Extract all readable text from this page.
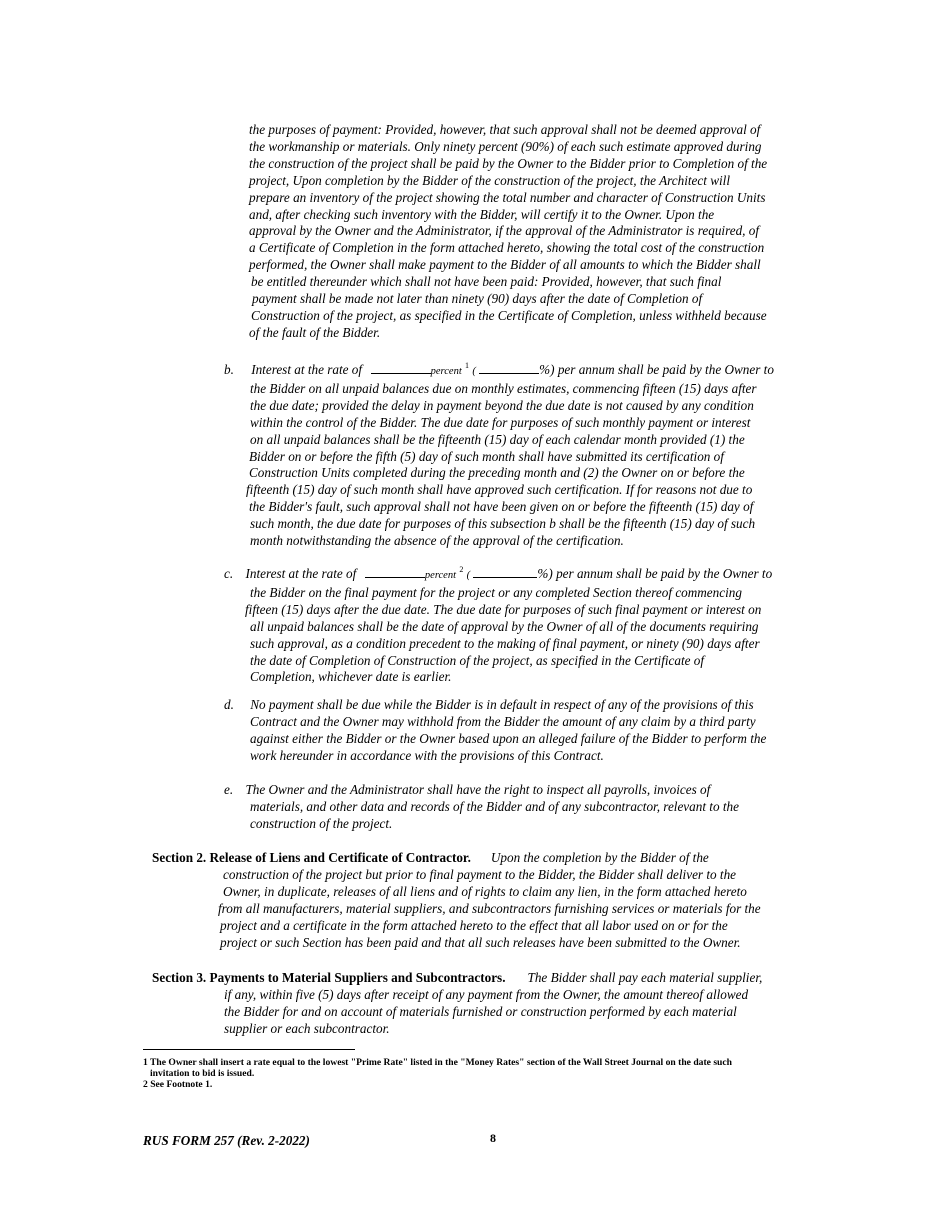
the purposes of payment: Provided, however, that such approval shall not be deemed approval of
the workmanship or materials. Only ninety percent (90%) of each such estimate approved during
the construction of the project shall be paid by the Owner to the Bidder prior to Completion of the
project, Upon completion by the Bidder of the construction of the project, the Architect will
prepare an inventory of the project showing the total number and character of Construction Units
and, after checking such inventory with the Bidder, will certify it to the Owner. Upon the
approval by the Owner and the Administrator, if the approval of the Administrator is required, of
a Certificate of Completion in the form attached hereto, showing the total cost of the construction
performed, the Owner shall make payment to the Bidder of all amounts to which the Bidder shall
be entitled thereunder which shall not have been paid: Provided, however, that such final
payment shall be made not later than ninety (90) days after the date of Completion of
Construction of the project, as specified in the Certificate of Completion, unless withheld because
of the fault of the Bidder.
b. Interest at the rate of	percent $^1$ (	%) per annum shall be paid by the Owner to
the Bidder on all unpaid balances due on monthly estimates, commencing fifteen (15) days after
the due date; provided the delay in payment beyond the due date is not caused by any condition
within the control of the Bidder. The due date for purposes of such monthly payment or interest
on all unpaid balances shall be the fifteenth (15) day of each calendar month provided (1) the
Bidder on or before the fifth (5) day of such month shall have submitted its certification of
Construction Units completed during the preceding month and (2) the Owner on or before the
fifteenth (15) day of such month shall have approved such certification. If for reasons not due to
the Bidder's fault, such approval shall not have been given on or before the fifteenth (15) day of
such month, the due date for purposes of this subsection b shall be the fifteenth (15) day of such
month notwithstanding the absence of the approval of the certification.
c. Interest at the rate of	percent $^2$ (	%) per annum shall be paid by the Owner to
the Bidder on the final payment for the project or any completed Section thereof commencing
fifteen (15) days after the due date. The due date for purposes of such final payment or interest on
all unpaid balances shall be the date of approval by the Owner of all of the documents requiring
such approval, as a condition precedent to the making of final payment, or ninety (90) days after
the date of Completion of Construction of the project, as specified in the Certificate of
Completion, whichever date is earlier.
d. No payment shall be due while the Bidder is in default in respect of any of the provisions of this
Contract and the Owner may withhold from the Bidder the amount of any claim by a third party
against either the Bidder or the Owner based upon an alleged failure of the Bidder to perform the
work hereunder in accordance with the provisions of this Contract.
e. The Owner and the Administrator shall have the right to inspect all payrolls, invoices of
materials, and other data and records of the Bidder and of any subcontractor, relevant to the
construction of the project.
Section 2. Release of Liens and Certificate of Contractor. Upon the completion by the Bidder of the
construction of the project but prior to final payment to the Bidder, the Bidder shall deliver to the
Owner, in duplicate, releases of all liens and of rights to claim any lien, in the form attached hereto
from all manufacturers, material suppliers, and subcontractors furnishing services or materials for the
project and a certificate in the form attached hereto to the effect that all labor used on or for the
project or such Section has been paid and that all such releases have been submitted to the Owner.
Section 3. Payments to Material Suppliers and Subcontractors. The Bidder shall pay each material supplier,
if any, within five (5) days after receipt of any payment from the Owner, the amount thereof allowed
the Bidder for and on account of materials furnished or construction performed by each material
supplier or each subcontractor.
1 The Owner shall insert a rate equal to the lowest "Prime Rate" listed in the "Money Rates" section of the Wall Street Journal on the date such
invitation to bid is issued.
2 See Footnote 1.
RUS FORM 257 (Rev. 2-2022)	8
